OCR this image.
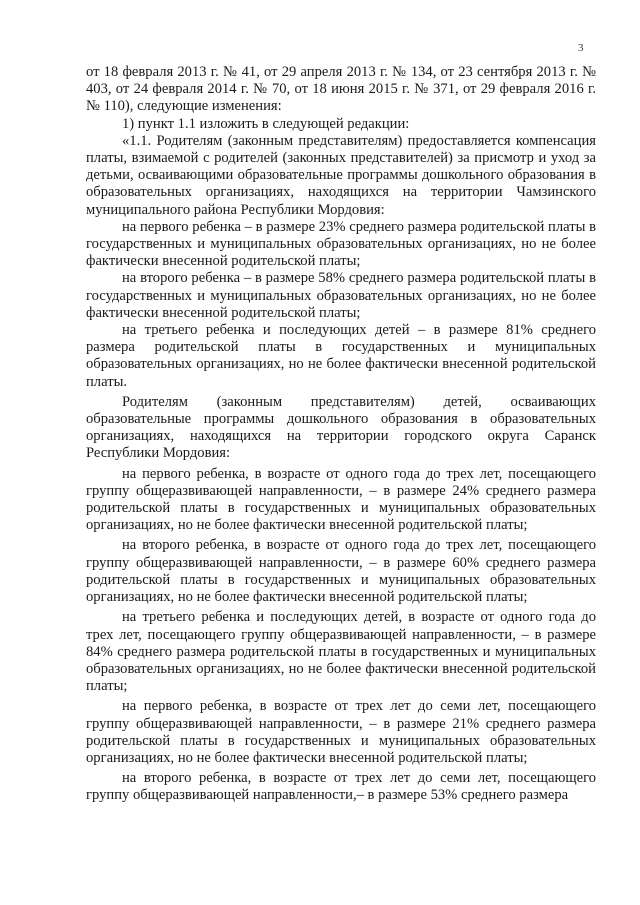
3

от 18 февраля 2013 г. № 41, от 29 апреля 2013 г. № 134, от 23 сентября 2013 г. № 403, от 24 февраля 2014 г. № 70, от 18 июня 2015 г. № 371, от 29 февраля 2016 г. № 110), следующие изменения:

1) пункт 1.1 изложить в следующей редакции:

«1.1. Родителям (законным представителям) предоставляется компенсация платы, взимаемой с родителей (законных представителей) за присмотр и уход за детьми, осваивающими образовательные программы дошкольного образования в образовательных организациях, находящихся на территории Чамзинского муниципального района Республики Мордовия:

на первого ребенка – в размере 23% среднего размера родительской платы в государственных и муниципальных образовательных организациях, но не более фактически внесенной родительской платы;

на второго ребенка – в размере 58% среднего размера родительской платы в государственных и муниципальных образовательных организациях, но не более фактически внесенной родительской платы;

на третьего ребенка и последующих детей – в размере 81% среднего размера родительской платы в государственных и муниципальных образовательных организациях, но не более фактически внесенной родительской платы.

Родителям (законным представителям) детей, осваивающих образовательные программы дошкольного образования в образовательных организациях, находящихся на территории городского округа Саранск Республики Мордовия:

на первого ребенка, в возрасте от одного года до трех лет, посещающего группу общеразвивающей направленности, – в размере 24% среднего размера родительской платы в государственных и муниципальных образовательных организациях, но не более фактически внесенной родительской платы;

на второго ребенка, в возрасте от одного года до трех лет, посещающего группу общеразвивающей направленности, – в размере 60% среднего размера родительской платы в государственных и муниципальных образовательных организациях, но не более фактически внесенной родительской платы;

на третьего ребенка и последующих детей, в возрасте от одного года до трех лет, посещающего группу общеразвивающей направленности, – в размере 84% среднего размера родительской платы в государственных и муниципальных образовательных организациях, но не более фактически внесенной родительской платы;

на первого ребенка, в возрасте от трех лет до семи лет, посещающего группу общеразвивающей направленности, – в размере 21% среднего размера родительской платы в государственных и муниципальных образовательных организациях, но не более фактически внесенной родительской платы;

на второго ребенка, в возрасте от трех лет до семи лет, посещающего группу общеразвивающей направленности,– в размере 53% среднего размера
